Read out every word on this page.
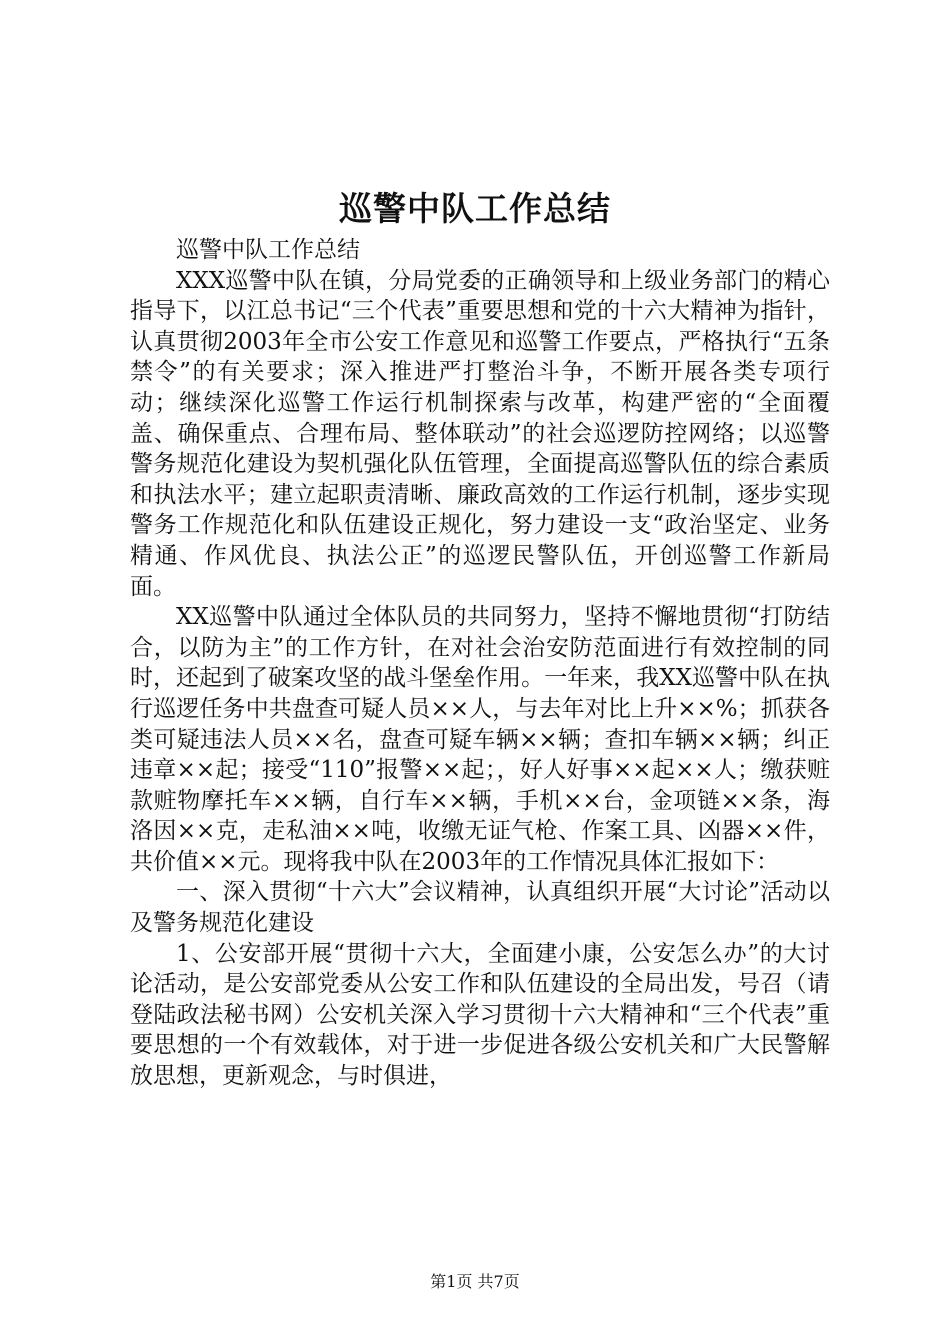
巡警中队工作总结

巡警中队工作总结

XXX巡警中队在镇，分局党委的正确领导和上级业务部门的精心指导下，以江总书记“三个代表”重要思想和党的十六大精神为指针，认真贯彻2003年全市公安工作意见和巡警工作要点，严格执行“五条禁令”的有关要求；深入推进严打整治斗争，不断开展各类专项行动；继续深化巡警工作运行机制探索与改革，构建严密的“全面覆盖、确保重点、合理布局、整体联动”的社会巡逻防控网络；以巡警警务规范化建设为契机强化队伍管理，全面提高巡警队伍的综合素质和执法水平；建立起职责清晰、廉政高效的工作运行机制，逐步实现警务工作规范化和队伍建设正规化，努力建设一支“政治坚定、业务精通、作风优良、执法公正”的巡逻民警队伍，开创巡警工作新局面。

XX巡警中队通过全体队员的共同努力，坚持不懈地贯彻“打防结合，以防为主”的工作方针，在对社会治安防范面进行有效控制的同时，还起到了破案攻坚的战斗堡垒作用。一年来，我XX巡警中队在执行巡逻任务中共盘查可疑人员××人，与去年对比上升××%；抓获各类可疑违法人员××名，盘查可疑车辆××辆；查扣车辆××辆；纠正违章××起；接受“110”报警××起；，好人好事××起××人；缴获赃款赃物摩托车××辆，自行车××辆，手机××台，金项链××条，海洛因××克，走私油××吨，收缴无证气枪、作案工具、凶器××件，共价值××元。现将我中队在2003年的工作情况具体汇报如下：

一、深入贯彻“十六大”会议精神，认真组织开展“大讨论”活动以及警务规范化建设

1、公安部开展“贯彻十六大，全面建小康，公安怎么办”的大讨论活动，是公安部党委从公安工作和队伍建设的全局出发，号召（请登陆政法秘书网）公安机关深入学习贯彻十六大精神和“三个代表”重要思想的一个有效载体，对于进一步促进各级公安机关和广大民警解放思想，更新观念，与时俱进，

第1页 共7页
